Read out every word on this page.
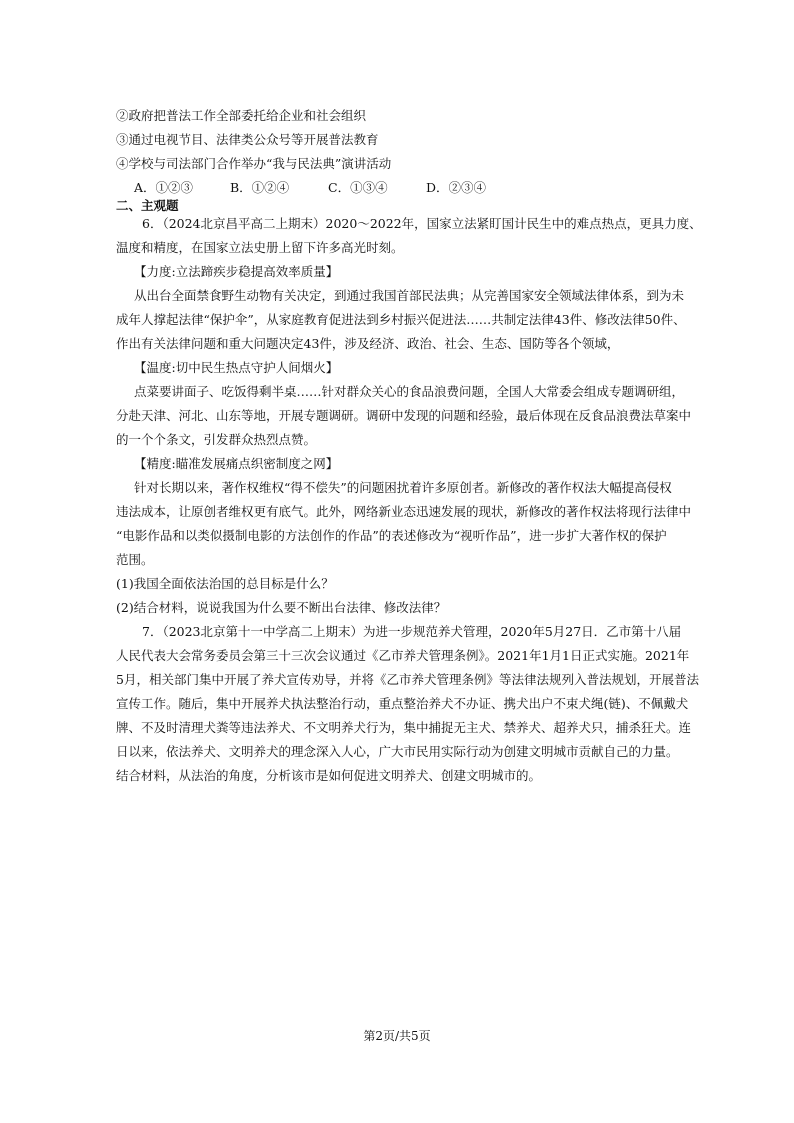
②政府把普法工作全部委托给企业和社会组织
③通过电视节目、法律类公众号等开展普法教育
④学校与司法部门合作举办“我与民法典”演讲活动
二、主观题
6．（2024北京昌平高二上期末）2020～2022年，国家立法紧盯国计民生中的难点热点，更具力度、
温度和精度，在国家立法史册上留下许多高光时刻。
【力度:立法蹄疾步稳提高效率质量】
从出台全面禁食野生动物有关决定，到通过我国首部民法典；从完善国家安全领域法律体系，到为未
成年人撑起法律“保护伞”，从家庭教育促进法到乡村振兴促进法……共制定法律43件、修改法律50件、
作出有关法律问题和重大问题决定43件，涉及经济、政治、社会、生态、国防等各个领域，
【温度:切中民生热点守护人间烟火】
点菜要讲面子、吃饭得剩半桌……针对群众关心的食品浪费问题，全国人大常委会组成专题调研组，
分赴天津、河北、山东等地，开展专题调研。调研中发现的问题和经验，最后体现在反食品浪费法草案中
的一个个条文，引发群众热烈点赞。
【精度:瞄准发展痛点织密制度之网】
针对长期以来，著作权维权“得不偿失”的问题困扰着许多原创者。新修改的著作权法大幅提高侵权
违法成本，让原创者维权更有底气。此外，网络新业态迅速发展的现状，新修改的著作权法将现行法律中
“电影作品和以类似摄制电影的方法创作的作品”的表述修改为“视听作品”，进一步扩大著作权的保护
范围。
(1)我国全面依法治国的总目标是什么？
(2)结合材料，说说我国为什么要不断出台法律、修改法律？
7．（2023北京第十一中学高二上期末）为进一步规范养犬管理，2020年5月27日．乙市第十八届
人民代表大会常务委员会第三十三次会议通过《乙市养犬管理条例》。2021年1月1日正式实施。2021年
5月，相关部门集中开展了养犬宣传劝导，并将《乙市养犬管理条例》等法律法规列入普法规划，开展普法
宣传工作。随后，集中开展养犬执法整治行动，重点整治养犬不办证、携犬出户不束犬绳(链)、不佩戴犬
牌、不及时清理犬粪等违法养犬、不文明养犬行为，集中捕捉无主犬、禁养犬、超养犬只，捕杀狂犬。连
日以来，依法养犬、文明养犬的理念深入人心，广大市民用实际行动为创建文明城市贡献自己的力量。
结合材料，从法治的角度，分析该市是如何促进文明养犬、创建文明城市的。
A．①②③	B．①②④	C．①③④	D．②③④
第2页/共5页
